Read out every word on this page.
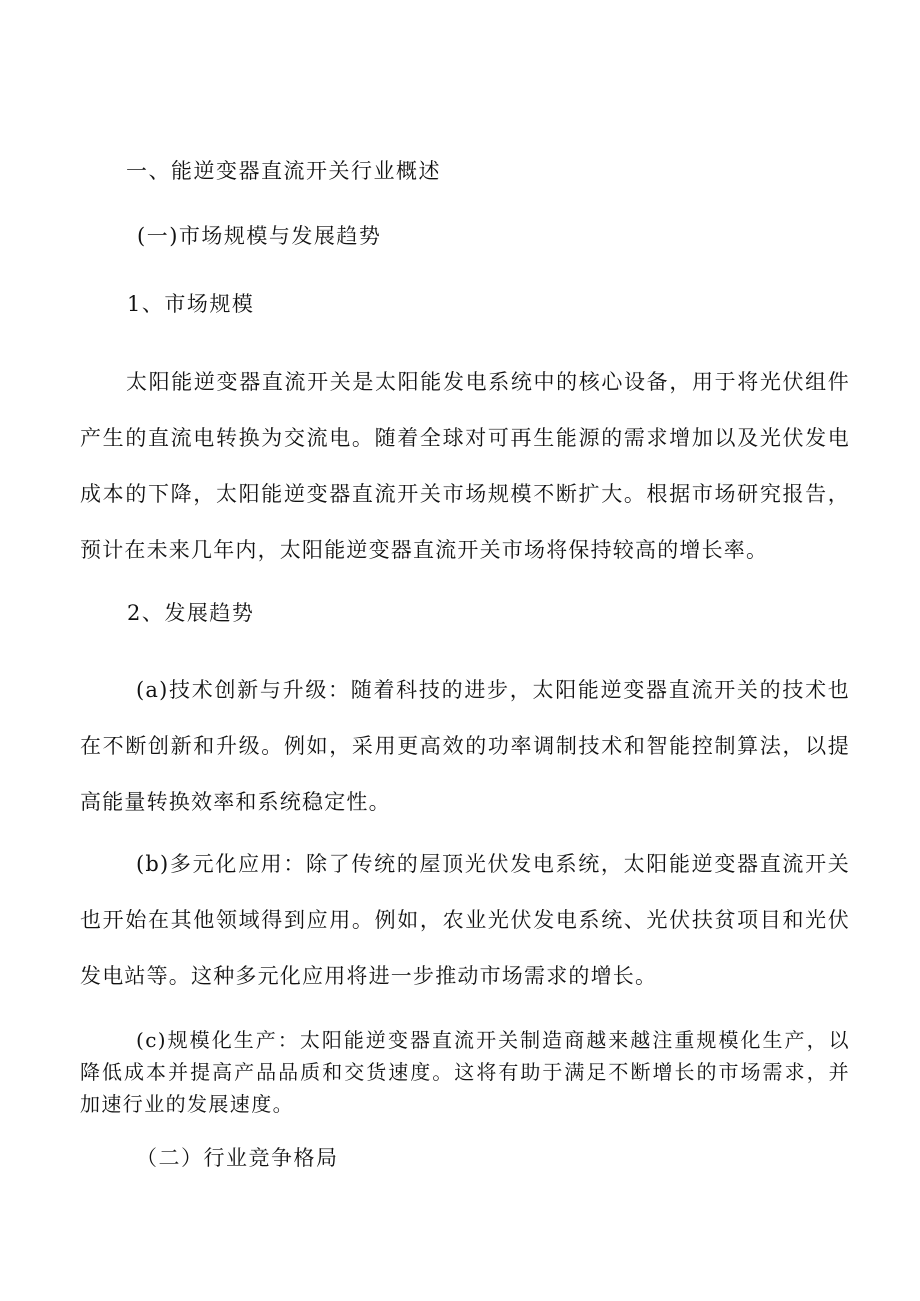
一、能逆变器直流开关行业概述
(一)市场规模与发展趋势
1、市场规模
太阳能逆变器直流开关是太阳能发电系统中的核心设备，用于将光伏组件产生的直流电转换为交流电。随着全球对可再生能源的需求增加以及光伏发电成本的下降，太阳能逆变器直流开关市场规模不断扩大。根据市场研究报告，预计在未来几年内，太阳能逆变器直流开关市场将保持较高的增长率。
2、发展趋势
(a)技术创新与升级：随着科技的进步，太阳能逆变器直流开关的技术也在不断创新和升级。例如，采用更高效的功率调制技术和智能控制算法，以提高能量转换效率和系统稳定性。
(b)多元化应用：除了传统的屋顶光伏发电系统，太阳能逆变器直流开关也开始在其他领域得到应用。例如，农业光伏发电系统、光伏扶贫项目和光伏发电站等。这种多元化应用将进一步推动市场需求的增长。
(c)规模化生产：太阳能逆变器直流开关制造商越来越注重规模化生产，以降低成本并提高产品品质和交货速度。这将有助于满足不断增长的市场需求，并加速行业的发展速度。
（二）行业竞争格局
